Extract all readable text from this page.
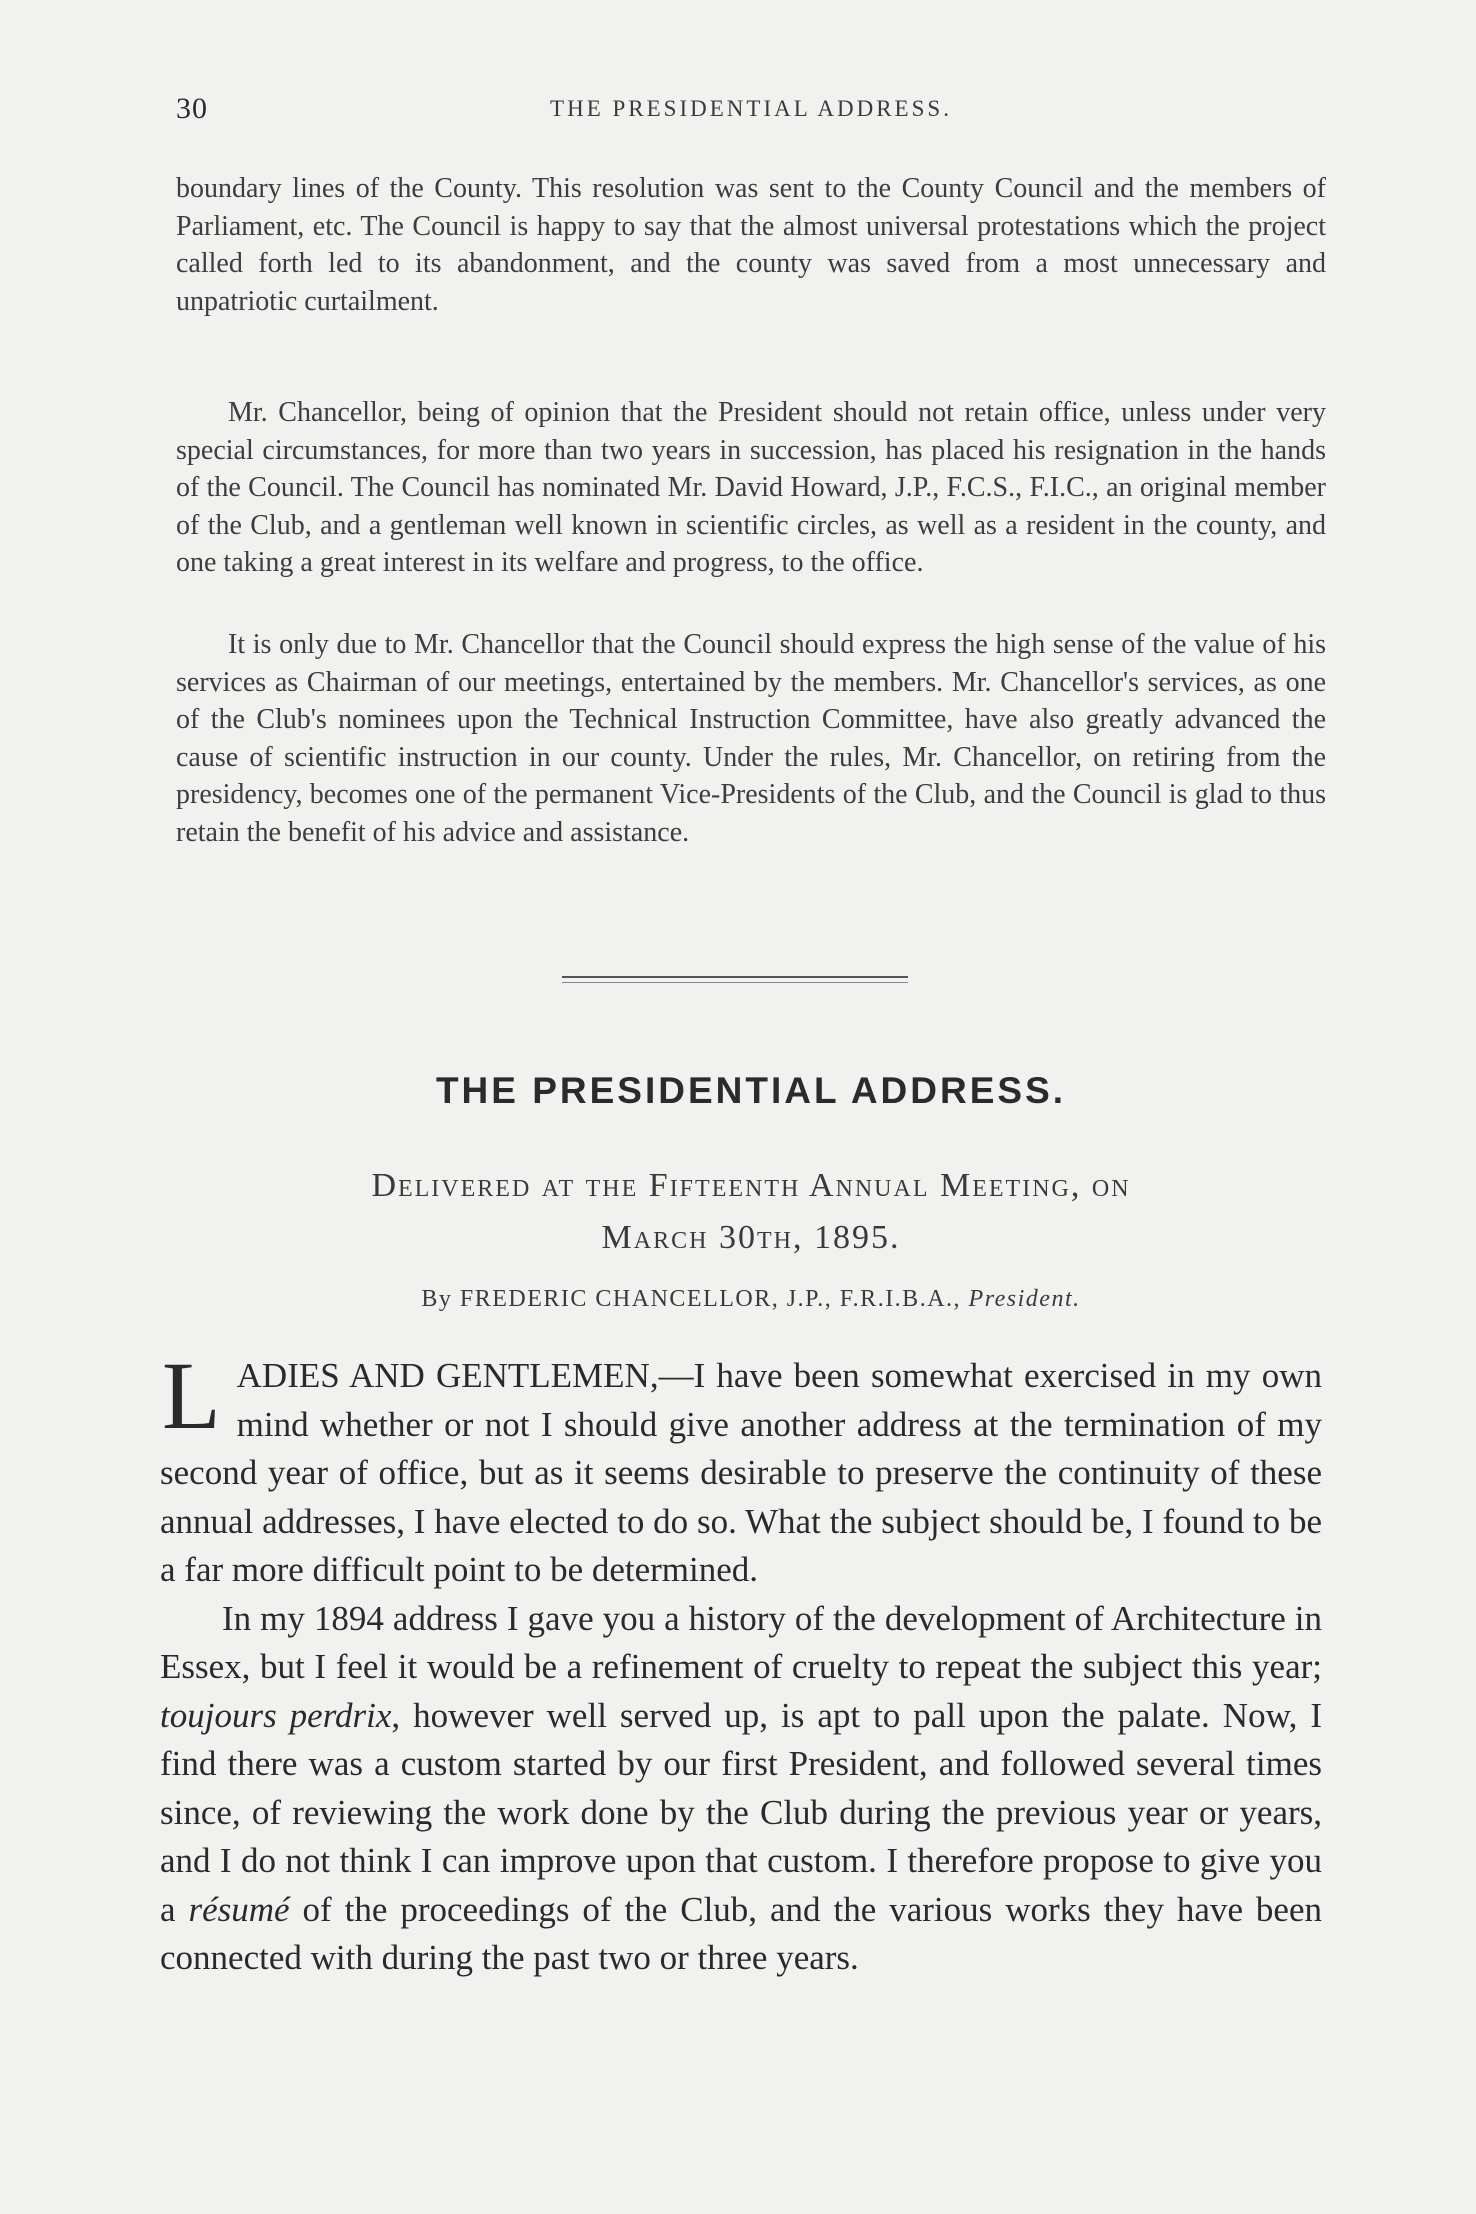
30	THE PRESIDENTIAL ADDRESS.

boundary lines of the County. This resolution was sent to the County Council and the members of Parliament, etc. The Council is happy to say that the almost universal protestations which the project called forth led to its abandonment, and the county was saved from a most unnecessary and unpatriotic curtailment.

Mr. Chancellor, being of opinion that the President should not retain office, unless under very special circumstances, for more than two years in succession, has placed his resignation in the hands of the Council. The Council has nominated Mr. David Howard, J.P., F.C.S., F.I.C., an original member of the Club, and a gentleman well known in scientific circles, as well as a resident in the county, and one taking a great interest in its welfare and progress, to the office.

It is only due to Mr. Chancellor that the Council should express the high sense of the value of his services as Chairman of our meetings, entertained by the members. Mr. Chancellor's services, as one of the Club's nominees upon the Technical Instruction Committee, have also greatly advanced the cause of scientific instruction in our county. Under the rules, Mr. Chancellor, on retiring from the presidency, becomes one of the permanent Vice-Presidents of the Club, and the Council is glad to thus retain the benefit of his advice and assistance.

THE PRESIDENTIAL ADDRESS.
Delivered at the Fifteenth Annual Meeting, on
March 30th, 1895.
By FREDERIC CHANCELLOR, J.P., F.R.I.B.A., President.

LADIES AND GENTLEMEN,—I have been somewhat exercised in my own mind whether or not I should give another address at the termination of my second year of office, but as it seems desirable to preserve the continuity of these annual addresses, I have elected to do so. What the subject should be, I found to be a far more difficult point to be determined.

In my 1894 address I gave you a history of the development of Architecture in Essex, but I feel it would be a refinement of cruelty to repeat the subject this year; toujours perdrix, however well served up, is apt to pall upon the palate. Now, I find there was a custom started by our first President, and followed several times since, of reviewing the work done by the Club during the previous year or years, and I do not think I can improve upon that custom. I therefore propose to give you a résumé of the proceedings of the Club, and the various works they have been connected with during the past two or three years.
